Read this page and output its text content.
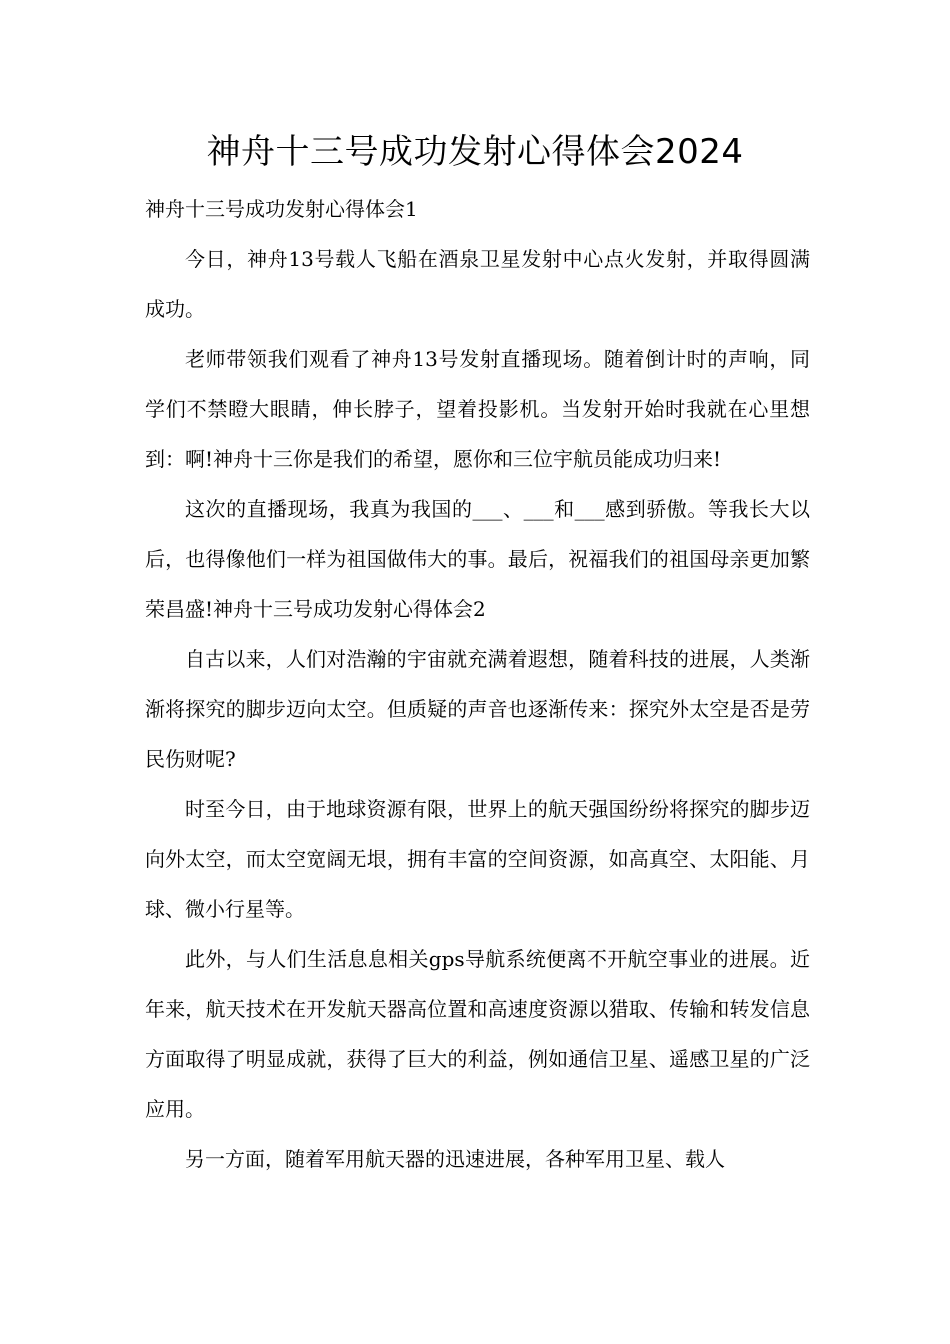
神舟十三号成功发射心得体会2024

神舟十三号成功发射心得体会1

今日，神舟13号载人飞船在酒泉卫星发射中心点火发射，并取得圆满成功。

老师带领我们观看了神舟13号发射直播现场。随着倒计时的声响，同学们不禁瞪大眼睛，伸长脖子，望着投影机。当发射开始时我就在心里想到：啊!神舟十三你是我们的希望，愿你和三位宇航员能成功归来!

这次的直播现场，我真为我国的___、___和___感到骄傲。等我长大以后，也得像他们一样为祖国做伟大的事。最后，祝福我们的祖国母亲更加繁荣昌盛!神舟十三号成功发射心得体会2

自古以来，人们对浩瀚的宇宙就充满着遐想，随着科技的进展，人类渐渐将探究的脚步迈向太空。但质疑的声音也逐渐传来：探究外太空是否是劳民伤财呢?

时至今日，由于地球资源有限，世界上的航天强国纷纷将探究的脚步迈向外太空，而太空宽阔无垠，拥有丰富的空间资源，如高真空、太阳能、月球、微小行星等。

此外，与人们生活息息相关gps导航系统便离不开航空事业的进展。近年来，航天技术在开发航天器高位置和高速度资源以猎取、传输和转发信息方面取得了明显成就，获得了巨大的利益，例如通信卫星、遥感卫星的广泛应用。

另一方面，随着军用航天器的迅速进展，各种军用卫星、载人
